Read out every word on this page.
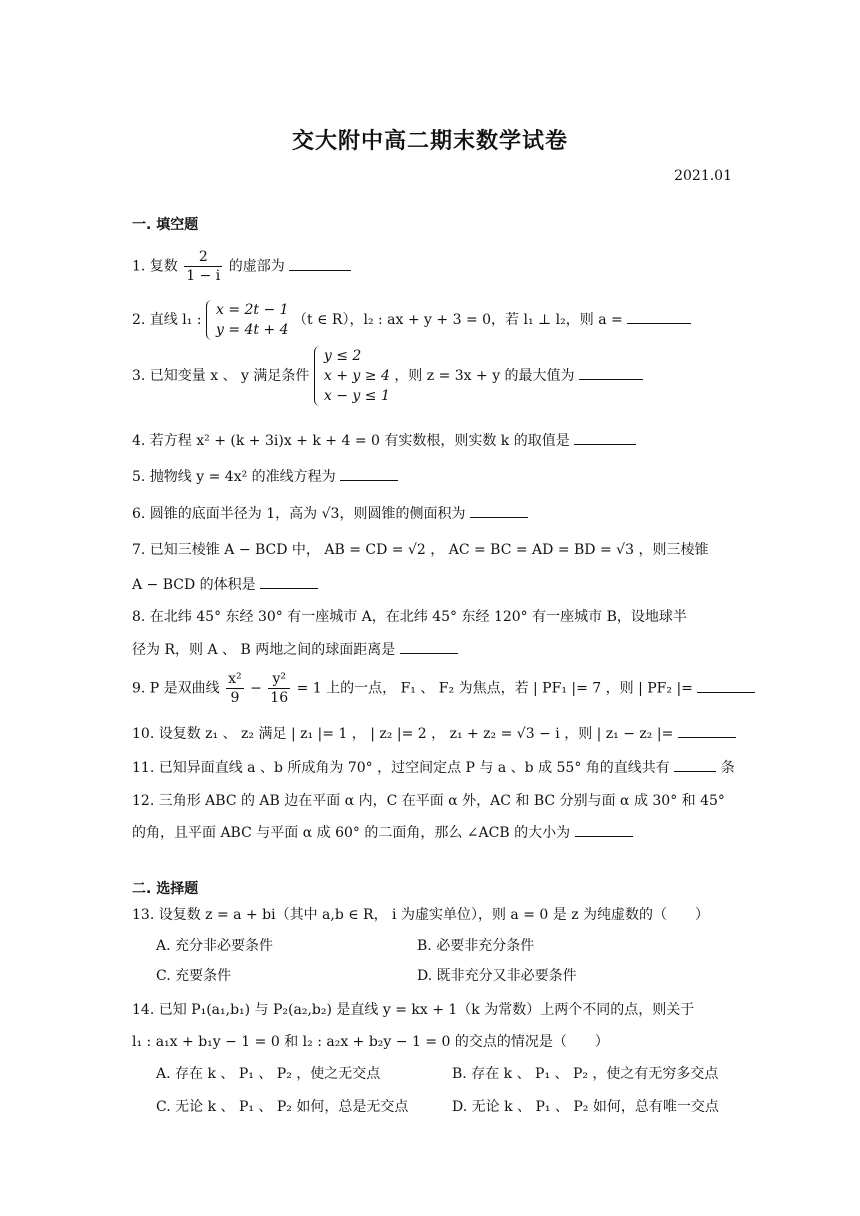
交大附中高二期末数学试卷
2021.01
一. 填空题
1. 复数 $\frac{2}{1 - i}$ 的虚部为
2. 直线 l₁ :
x = 2t − 1
y = 4t + 4
（t ∈ R），l₂ : ax + y + 3 = 0，若 l₁ ⊥ l₂，则 a =
3. 已知变量 x 、 y 满足条件
y ≤ 2
x + y ≥ 4
x − y ≤ 1
，则 z = 3x + y 的最大值为
4. 若方程 x² + (k + 3i)x + k + 4 = 0 有实数根，则实数 k 的取值是
5. 抛物线 y = 4x² 的准线方程为
6. 圆锥的底面半径为 1，高为 √3，则圆锥的侧面积为
7. 已知三棱锥 A − BCD 中， AB = CD = √2 ， AC = BC = AD = BD = √3 ，则三棱锥
A − BCD 的体积是
8. 在北纬 45° 东经 30° 有一座城市 A，在北纬 45° 东经 120° 有一座城市 B，设地球半
径为 R，则 A 、 B 两地之间的球面距离是
9. P 是双曲线 $\frac{\text{x²}}{9} - \frac{\text{y²}}{16} = 1$ 上的一点， F₁ 、 F₂ 为焦点，若 | PF₁ |= 7 ，则 | PF₂ |=
10. 设复数 z₁ 、 z₂ 满足 | z₁ |= 1 ， | z₂ |= 2 ， z₁ + z₂ = √3 − i ，则 | z₁ − z₂ |=
11. 已知异面直线 a 、b 所成角为 70° ，过空间定点 P 与 a 、b 成 55° 角的直线共有	条
12. 三角形 ABC 的 AB 边在平面 α 内，C 在平面 α 外，AC 和 BC 分别与面 α 成 30° 和 45°
的角，且平面 ABC 与平面 α 成 60° 的二面角，那么 ∠ACB 的大小为
二. 选择题
13. 设复数 z = a + bi（其中 a,b ∈ R， i 为虚实单位），则 a = 0 是 z 为纯虚数的（　　）
A. 充分非必要条件	B. 必要非充分条件
C. 充要条件	D. 既非充分又非必要条件
14. 已知 P₁(a₁,b₁) 与 P₂(a₂,b₂) 是直线 y = kx + 1（k 为常数）上两个不同的点，则关于
l₁ : a₁x + b₁y − 1 = 0 和 l₂ : a₂x + b₂y − 1 = 0 的交点的情况是（　　）
A. 存在 k 、 P₁ 、 P₂ ，使之无交点	B. 存在 k 、 P₁ 、 P₂ ，使之有无穷多交点
C. 无论 k 、 P₁ 、 P₂ 如何，总是无交点	D. 无论 k 、 P₁ 、 P₂ 如何，总有唯一交点
